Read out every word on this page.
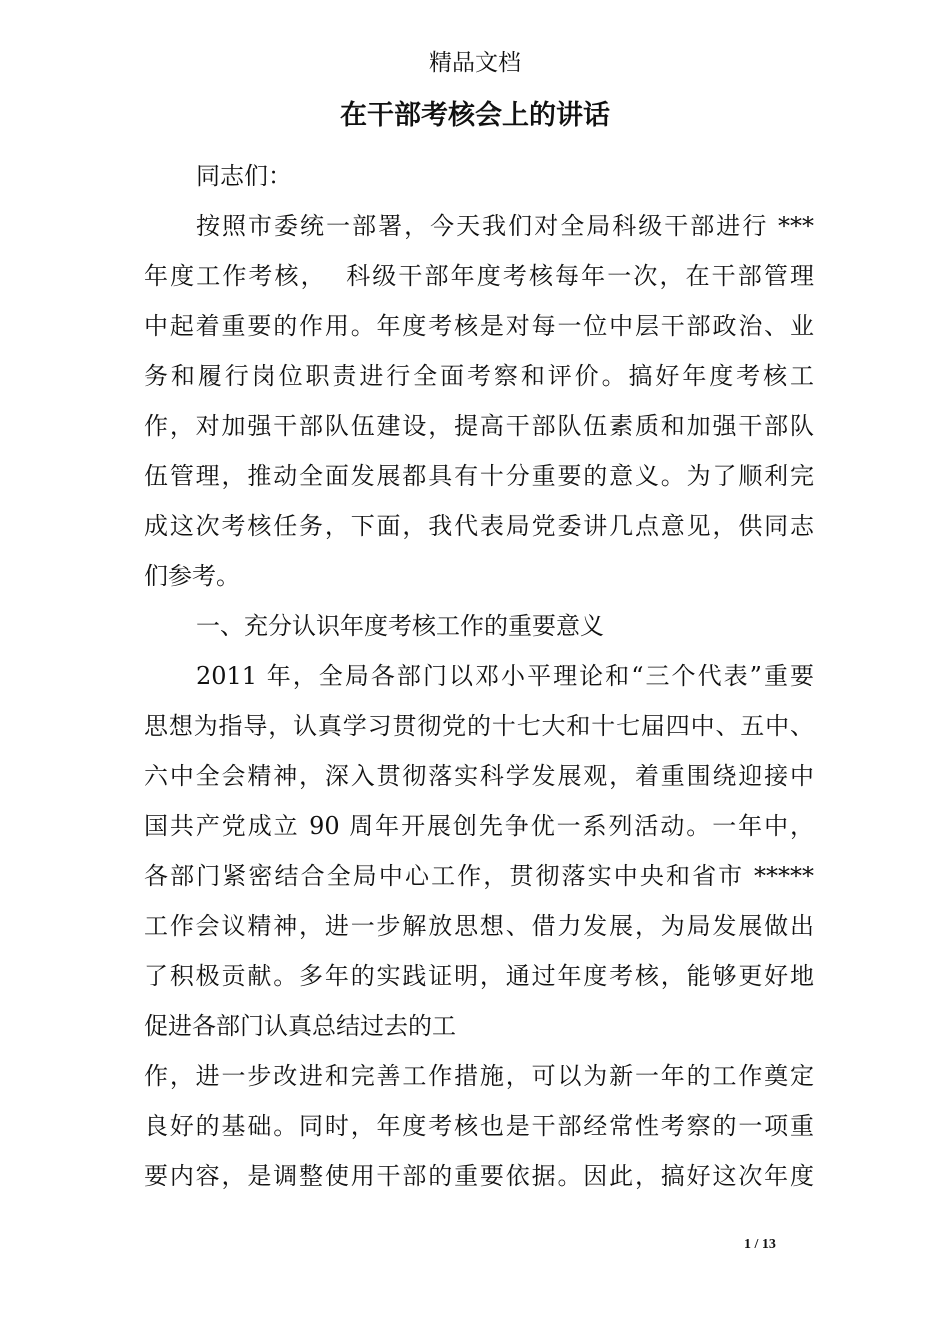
精品文档
在干部考核会上的讲话
同志们：
按照市委统一部署，今天我们对全局科级干部进行 ***
年度工作考核，  科级干部年度考核每年一次，在干部管理
中起着重要的作用。年度考核是对每一位中层干部政治、业
务和履行岗位职责进行全面考察和评价。搞好年度考核工
作，对加强干部队伍建设，提高干部队伍素质和加强干部队
伍管理，推动全面发展都具有十分重要的意义。为了顺利完
成这次考核任务，下面，我代表局党委讲几点意见，供同志
们参考。
一、充分认识年度考核工作的重要意义
2011 年，全局各部门以邓小平理论和“三个代表”重要
思想为指导，认真学习贯彻党的十七大和十七届四中、五中、
六中全会精神，深入贯彻落实科学发展观，着重围绕迎接中
国共产党成立 90 周年开展创先争优一系列活动。一年中，
各部门紧密结合全局中心工作，贯彻落实中央和省市 *****
工作会议精神，进一步解放思想、借力发展，为局发展做出
了积极贡献。多年的实践证明，通过年度考核，能够更好地
促进各部门认真总结过去的工
作，进一步改进和完善工作措施，可以为新一年的工作奠定
良好的基础。同时，年度考核也是干部经常性考察的一项重
要内容，是调整使用干部的重要依据。因此，搞好这次年度
1 / 13
